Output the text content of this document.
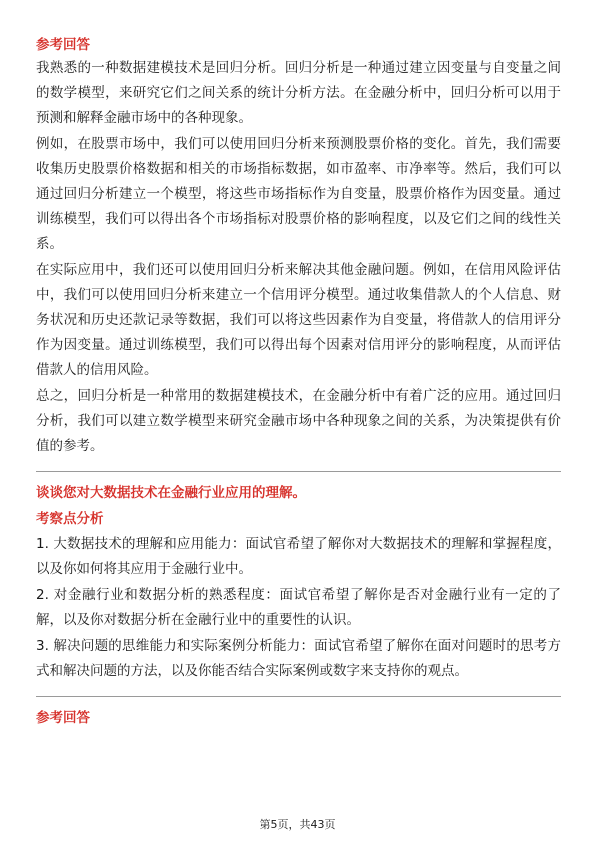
参考回答

我熟悉的一种数据建模技术是回归分析。回归分析是一种通过建立因变量与自变量之间的数学模型，来研究它们之间关系的统计分析方法。在金融分析中，回归分析可以用于预测和解释金融市场中的各种现象。

例如，在股票市场中，我们可以使用回归分析来预测股票价格的变化。首先，我们需要收集历史股票价格数据和相关的市场指标数据，如市盈率、市净率等。然后，我们可以通过回归分析建立一个模型，将这些市场指标作为自变量，股票价格作为因变量。通过训练模型，我们可以得出各个市场指标对股票价格的影响程度，以及它们之间的线性关系。

在实际应用中，我们还可以使用回归分析来解决其他金融问题。例如，在信用风险评估中，我们可以使用回归分析来建立一个信用评分模型。通过收集借款人的个人信息、财务状况和历史还款记录等数据，我们可以将这些因素作为自变量，将借款人的信用评分作为因变量。通过训练模型，我们可以得出每个因素对信用评分的影响程度，从而评估借款人的信用风险。

总之，回归分析是一种常用的数据建模技术，在金融分析中有着广泛的应用。通过回归分析，我们可以建立数学模型来研究金融市场中各种现象之间的关系，为决策提供有价值的参考。

谈谈您对大数据技术在金融行业应用的理解。

考察点分析

1. 大数据技术的理解和应用能力：面试官希望了解你对大数据技术的理解和掌握程度，以及你如何将其应用于金融行业中。

2. 对金融行业和数据分析的熟悉程度：面试官希望了解你是否对金融行业有一定的了解，以及你对数据分析在金融行业中的重要性的认识。

3. 解决问题的思维能力和实际案例分析能力：面试官希望了解你在面对问题时的思考方式和解决问题的方法，以及你能否结合实际案例或数字来支持你的观点。

参考回答

第5页，共43页
